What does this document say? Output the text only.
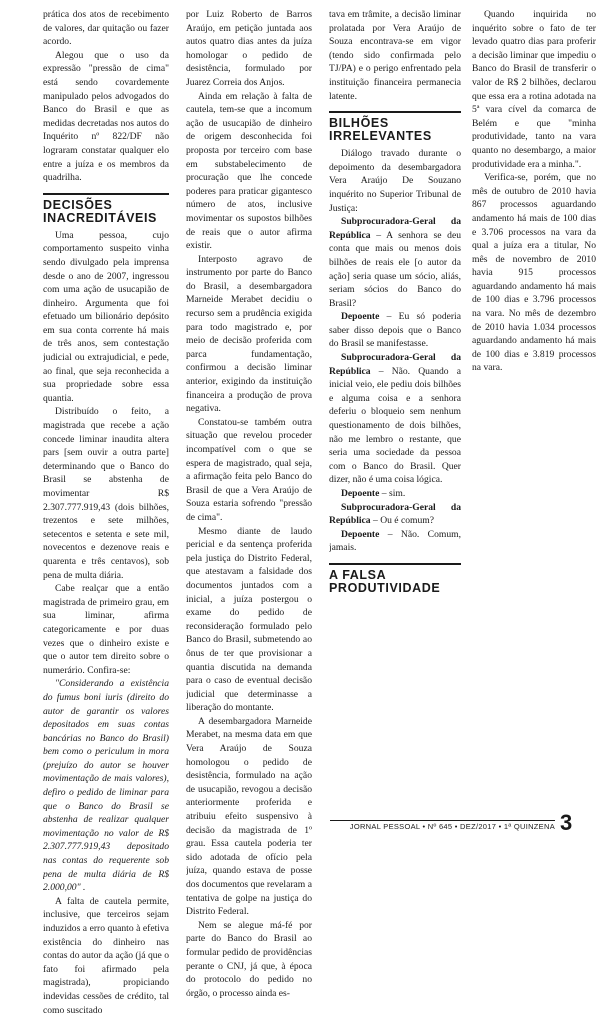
prática dos atos de recebimento de valores, dar quitação ou fazer acordo.

Alegou que o uso da expressão "pressão de cima" está sendo covardemente manipulado pelos advogados do Banco do Brasil e que as medidas decretadas nos autos do Inquérito nº 822/DF não lograram constatar qualquer elo entre a juíza e os membros da quadrilha.

DECISÕES INACREDITÁVEIS

Uma pessoa, cujo comportamento suspeito vinha sendo divulgado pela imprensa desde o ano de 2007, ingressou com uma ação de usucapião de dinheiro. Argumenta que foi efetuado um bilionário depósito em sua conta corrente há mais de três anos, sem contestação judicial ou extrajudicial, e pede, ao final, que seja reconhecida a sua propriedade sobre essa quantia.

Distribuído o feito, a magistrada que recebe a ação concede liminar inaudita altera pars [sem ouvir a outra parte] determinando que o Banco do Brasil se abstenha de movimentar R$ 2.307.777.919,43 (dois bilhões, trezentos e sete milhões, setecentos e setenta e sete mil, novecentos e dezenove reais e quarenta e três centavos), sob pena de multa diária.

Cabe realçar que a então magistrada de primeiro grau, em sua liminar, afirma categoricamente e por duas vezes que o dinheiro existe e que o autor tem direito sobre o numerário. Confira-se:

"Considerando a existência do fumus boni iuris (direito do autor de garantir os valores depositados em suas contas bancárias no Banco do Brasil) bem como o periculum in mora (prejuízo do autor se houver movimentação de mais valores), defiro o pedido de liminar para que o Banco do Brasil se abstenha de realizar qualquer movimentação no valor de R$ 2.307.777.919,43 depositado nas contas do requerente sob pena de multa diária de R$ 2.000,00" .

A falta de cautela permite, inclusive, que terceiros sejam induzidos a erro quanto à efetiva existência do dinheiro nas contas do autor da ação (já que o fato foi afirmado pela magistrada), propiciando indevidas cessões de crédito, tal como suscitado

por Luiz Roberto de Barros Araújo, em petição juntada aos autos quatro dias antes da juíza homologar o pedido de desistência, formulado por Juarez Correia dos Anjos.

Ainda em relação à falta de cautela, tem-se que a incomum ação de usucapião de dinheiro de origem desconhecida foi proposta por terceiro com base em substabelecimento de procuração que lhe concede poderes para praticar gigantesco número de atos, inclusive movimentar os supostos bilhões de reais que o autor afirma existir.

Interposto agravo de instrumento por parte do Banco do Brasil, a desembargadora Marneide Merabet decidiu o recurso sem a prudência exigida para todo magistrado e, por meio de decisão proferida com parca fundamentação, confirmou a decisão liminar anterior, exigindo da instituição financeira a produção de prova negativa.

Constatou-se também outra situação que revelou proceder incompatível com o que se espera de magistrado, qual seja, a afirmação feita pelo Banco do Brasil de que a Vera Araújo de Souza estaria sofrendo "pressão de cima".

Mesmo diante de laudo pericial e da sentença proferida pela justiça do Distrito Federal, que atestavam a falsidade dos documentos juntados com a inicial, a juíza postergou o exame do pedido de reconsideração formulado pelo Banco do Brasil, submetendo ao ônus de ter que provisionar a quantia discutida na demanda para o caso de eventual decisão judicial que determinasse a liberação do montante.

A desembargadora Marneide Merabet, na mesma data em que Vera Araújo de Souza homologou o pedido de desistência, formulado na ação de usucapião, revogou a decisão anteriormente proferida e atribuiu efeito suspensivo à decisão da magistrada de 1º grau. Essa cautela poderia ter sido adotada de ofício pela juíza, quando estava de posse dos documentos que revelaram a tentativa de golpe na justiça do Distrito Federal.

Nem se alegue má-fé por parte do Banco do Brasil ao formular pedido de providências perante o CNJ, já que, à época do protocolo do pedido no órgão, o processo ainda es-

tava em trâmite, a decisão liminar prolatada por Vera Araújo de Souza encontrava-se em vigor (tendo sido confirmada pelo TJ/PA) e o perigo enfrentado pela instituição financeira permanecia latente.

BILHÕES IRRELEVANTES

Diálogo travado durante o depoimento da desembargadora Vera Araújo De Souzano inquérito no Superior Tribunal de Justiça:

Subprocuradora-Geral da República – A senhora se deu conta que mais ou menos dois bilhões de reais ele [o autor da ação] seria quase um sócio, aliás, seriam sócios do Banco do Brasil?

Depoente – Eu só poderia saber disso depois que o Banco do Brasil se manifestasse.

Subprocuradora-Geral da República – Não. Quando a inicial veio, ele pediu dois bilhões e alguma coisa e a senhora deferiu o bloqueio sem nenhum questionamento de dois bilhões, não me lembro o restante, que seria uma sociedade da pessoa com o Banco do Brasil. Quer dizer, não é uma coisa lógica.

Depoente – sim.

Subprocuradora-Geral da República – Ou é comum?

Depoente – Não. Comum, jamais.

A FALSA PRODUTIVIDADE

Quando inquirida no inquérito sobre o fato de ter levado quatro dias para proferir a decisão liminar que impediu o Banco do Brasil de transferir o valor de R$ 2 bilhões, declarou que essa era a rotina adotada na 5ª vara cível da comarca de Belém e que "minha produtividade, tanto na vara quanto no desembargo, a maior produtividade era a minha.".

Verifica-se, porém, que no mês de outubro de 2010 havia 867 processos aguardando andamento há mais de 100 dias e 3.706 processos na vara da qual a juíza era a titular, No mês de novembro de 2010 havia 915 processos aguardando andamento há mais de 100 dias e 3.796 processos na vara. No mês de dezembro de 2010 havia 1.034 processos aguardando andamento há mais de 100 dias e 3.819 processos na vara.

JORNAL PESSOAL • Nº 645 • DEZ/2017 • 1ª QUINZENA 3
